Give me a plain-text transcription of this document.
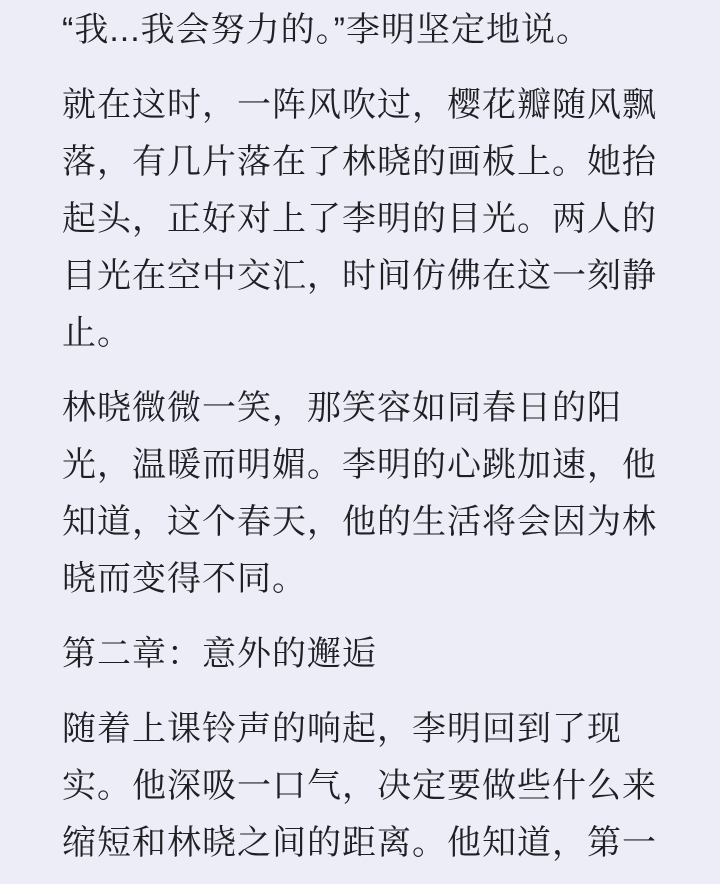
“我...我会努力的。”李明坚定地说。

就在这时，一阵风吹过，樱花瓣随风飘落，有几片落在了林晓的画板上。她抬起头，正好对上了李明的目光。两人的目光在空中交汇，时间仿佛在这一刻静止。

林晓微微一笑，那笑容如同春日的阳光，温暖而明媚。李明的心跳加速，他知道，这个春天，他的生活将会因为林晓而变得不同。

第二章：意外的邂逅

随着上课铃声的响起，李明回到了现实。他深吸一口气，决定要做些什么来缩短和林晓之间的距离。他知道，第一
